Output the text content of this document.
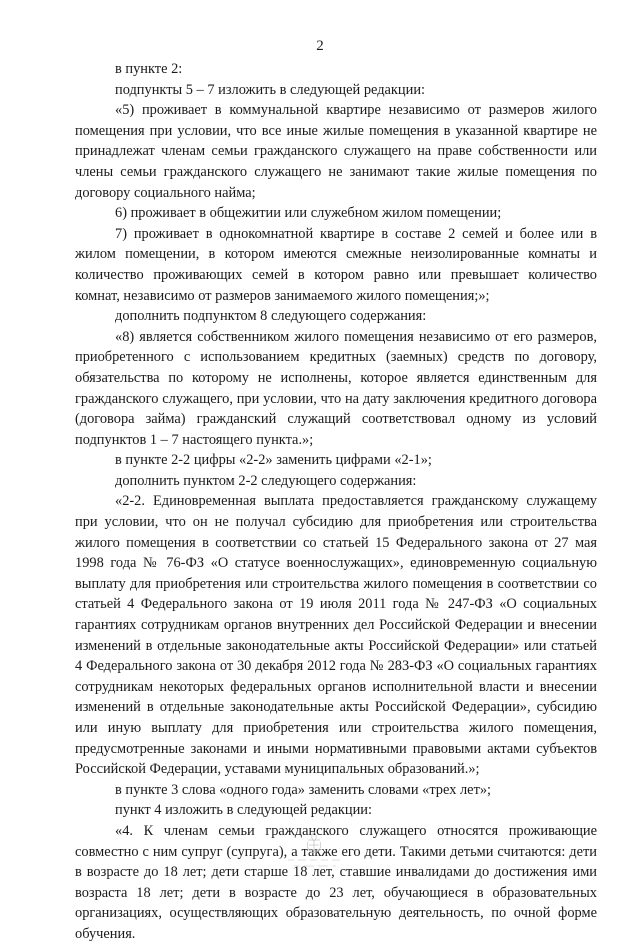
2

в пункте 2:

подпункты 5 – 7 изложить в следующей редакции:

«5) проживает в коммунальной квартире независимо от размеров жилого помещения при условии, что все иные жилые помещения в указанной квартире не принадлежат членам семьи гражданского служащего на праве собственности или члены семьи гражданского служащего не занимают такие жилые помещения по договору социального найма;

6) проживает в общежитии или служебном жилом помещении;

7) проживает в однокомнатной квартире в составе 2 семей и более или в жилом помещении, в котором имеются смежные неизолированные комнаты и количество проживающих семей в котором равно или превышает количество комнат, независимо от размеров занимаемого жилого помещения;»;

дополнить подпунктом 8 следующего содержания:

«8) является собственником жилого помещения независимо от его размеров, приобретенного с использованием кредитных (заемных) средств по договору, обязательства по которому не исполнены, которое является единственным для гражданского служащего, при условии, что на дату заключения кредитного договора (договора займа) гражданский служащий соответствовал одному из условий подпунктов 1 – 7 настоящего пункта.»;

в пункте 2-2 цифры «2-2» заменить цифрами «2-1»;

дополнить пунктом 2-2 следующего содержания:

«2-2. Единовременная выплата предоставляется гражданскому служащему при условии, что он не получал субсидию для приобретения или строительства жилого помещения в соответствии со статьей 15 Федерального закона от 27 мая 1998 года № 76-ФЗ «О статусе военнослужащих», единовременную социальную выплату для приобретения или строительства жилого помещения в соответствии со статьей 4 Федерального закона от 19 июля 2011 года № 247-ФЗ «О социальных гарантиях сотрудникам органов внутренних дел Российской Федерации и внесении изменений в отдельные законодательные акты Российской Федерации» или статьей 4 Федерального закона от 30 декабря 2012 года № 283-ФЗ «О социальных гарантиях сотрудникам некоторых федеральных органов исполнительной власти и внесении изменений в отдельные законодательные акты Российской Федерации», субсидию или иную выплату для приобретения или строительства жилого помещения, предусмотренные законами и иными нормативными правовыми актами субъектов Российской Федерации, уставами муниципальных образований.»;

в пункте 3 слова «одного года» заменить словами «трех лет»;

пункт 4 изложить в следующей редакции:

«4. К членам семьи гражданского служащего относятся проживающие совместно с ним супруг (супруга), а также его дети. Такими детьми считаются: дети в возрасте до 18 лет; дети старше 18 лет, ставшие инвалидами до достижения ими возраста 18 лет; дети в возрасте до 23 лет, обучающиеся в образовательных организациях, осуществляющих образовательную деятельность, по очной форме обучения.
